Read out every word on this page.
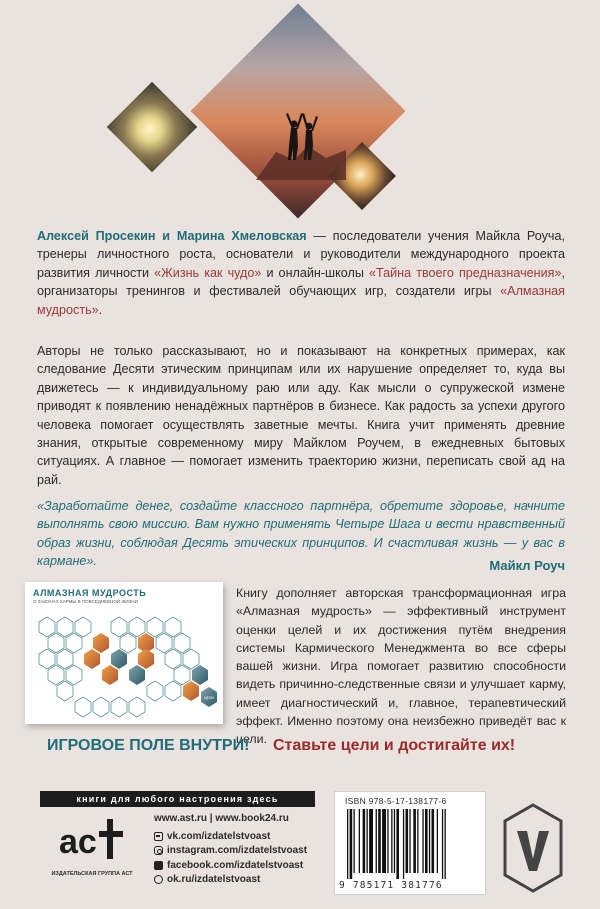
Алексей Просекин и Марина Хмеловская — последователи учения Майкла Роуча, тренеры личностного роста, основатели и руководители международного проекта развития личности «Жизнь как чудо» и онлайн-школы «Тайна твоего предназначения», организаторы тренингов и фестивалей обучающих игр, создатели игры «Алмазная мудрость».
Авторы не только рассказывают, но и показывают на конкретных примерах, как следование Десяти этическим принципам или их нарушение определяет то, куда вы движетесь — к индивидуальному раю или аду. Как мысли о супружеской измене приводят к появлению ненадёжных партнёров в бизнесе. Как радость за успехи другого человека помогает осуществлять заветные мечты. Книга учит применять древние знания, открытые современному миру Майклом Роучем, в ежедневных бытовых ситуациях. А главное — помогает изменить траекторию жизни, переписать свой ад на рай.
«Заработайте денег, создайте классного партнёра, обретите здоровье, начните выполнять свою миссию. Вам нужно применять Четыре Шага и вести нравственный образ жизни, соблюдая Десять этических принципов. И счастливая жизнь — у вас в кармане».	Майкл Роуч
АЛМАЗНАЯ МУДРОСТЬ
О ЗАКОНАХ КАРМЫ В ПОВСЕДНЕВНОЙ ЖИЗНИ
ЦЕЛИ
Книгу дополняет авторская трансформационная игра «Алмазная мудрость» — эффективный инструмент оценки целей и их достижения путём внедрения системы Кармического Менеджмента во все сферы вашей жизни. Игра помогает развитию способности видеть причинно-следственные связи и улучшает карму, имеет диагностический и, главное, терапевтический эффект. Именно поэтому она неизбежно приведёт вас к цели.
ИГРОВОЕ ПОЛЕ ВНУТРИ! Ставьте цели и достигайте их!
книги для любого настроения здесь
ас
ИЗДАТЕЛЬСКАЯ ГРУППА АСТ
www.ast.ru | www.book24.ru
vk.com/izdatelstvoast
instagram.com/izdatelstvoast
facebook.com/izdatelstvoast
ok.ru/izdatelstvoast
ISBN 978-5-17-138177-6
9 785171 381776
